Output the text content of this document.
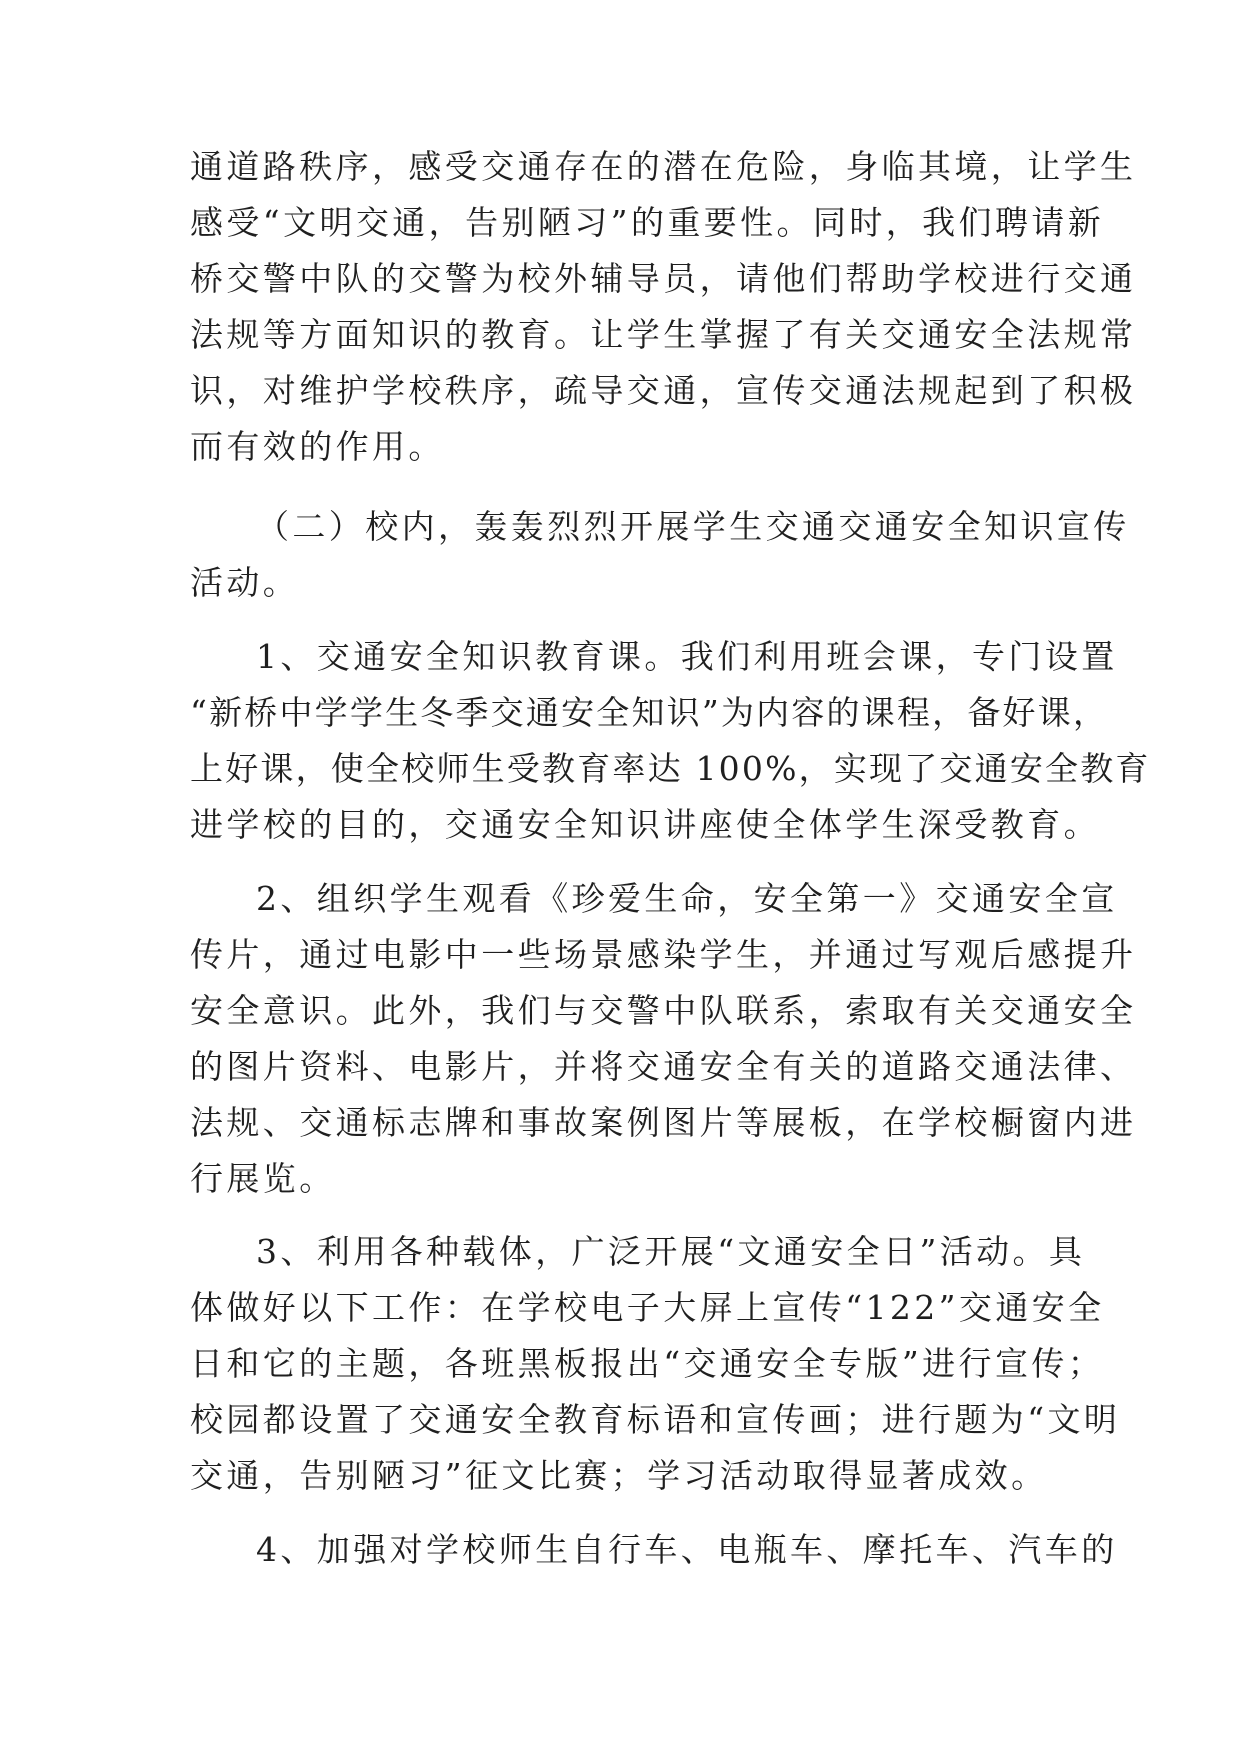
通道路秩序，感受交通存在的潜在危险，身临其境，让学生
感受“文明交通，告别陋习”的重要性。同时，我们聘请新
桥交警中队的交警为校外辅导员，请他们帮助学校进行交通
法规等方面知识的教育。让学生掌握了有关交通安全法规常
识，对维护学校秩序，疏导交通，宣传交通法规起到了积极
而有效的作用。
（二）校内，轰轰烈烈开展学生交通交通安全知识宣传
活动。
1、交通安全知识教育课。我们利用班会课，专门设置
“新桥中学学生冬季交通安全知识”为内容的课程，备好课，
上好课，使全校师生受教育率达 100%，实现了交通安全教育
进学校的目的，交通安全知识讲座使全体学生深受教育。
2、组织学生观看《珍爱生命，安全第一》交通安全宣
传片，通过电影中一些场景感染学生，并通过写观后感提升
安全意识。此外，我们与交警中队联系，索取有关交通安全
的图片资料、电影片，并将交通安全有关的道路交通法律、
法规、交通标志牌和事故案例图片等展板，在学校橱窗内进
行展览。
3、利用各种载体，广泛开展“文通安全日”活动。具
体做好以下工作：在学校电子大屏上宣传“122”交通安全
日和它的主题，各班黑板报出“交通安全专版”进行宣传；
校园都设置了交通安全教育标语和宣传画；进行题为“文明
交通，告别陋习”征文比赛；学习活动取得显著成效。
4、加强对学校师生自行车、电瓶车、摩托车、汽车的
